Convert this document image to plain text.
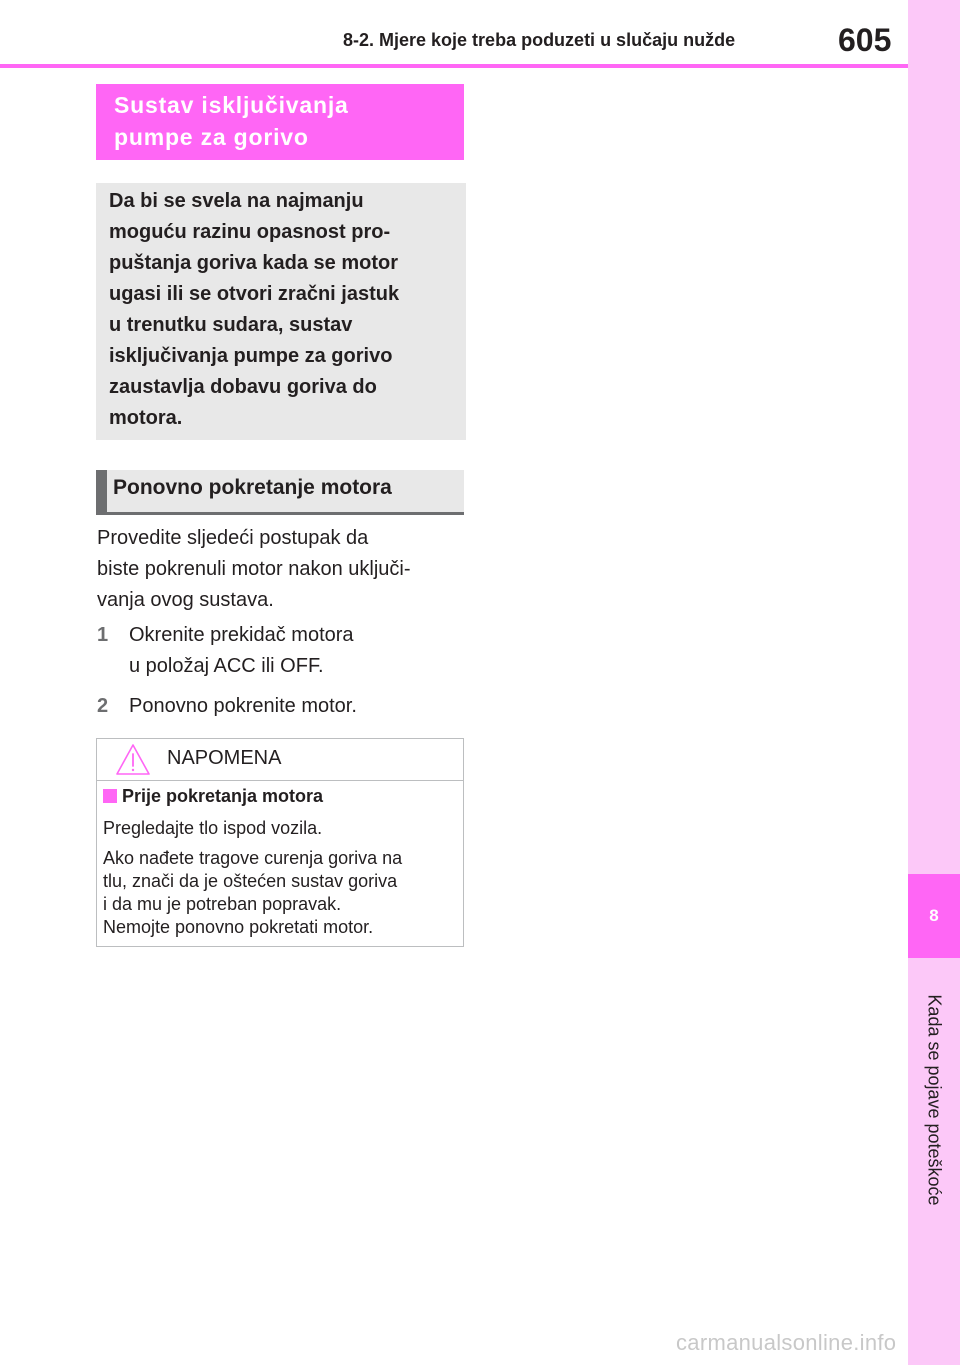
8
Kada se pojave poteškoće
8-2. Mjere koje treba poduzeti u slučaju nužde	605
Sustav isključivanja
pumpe za gorivo
Da bi se svela na najmanju
moguću razinu opasnost pro-
puštanja goriva kada se motor
ugasi ili se otvori zračni jastuk
u trenutku sudara, sustav
isključivanja pumpe za gorivo
zaustavlja dobavu goriva do
motora.
Ponovno pokretanje motora
Provedite sljedeći postupak da
biste pokrenuli motor nakon uključi-
vanja ovog sustava.
1 Okrenite prekidač motora
u položaj ACC ili OFF.
2 Ponovno pokrenite motor.
NAPOMENA
Prije pokretanja motora
Pregledajte tlo ispod vozila.
Ako nađete tragove curenja goriva na
tlu, znači da je oštećen sustav goriva
i da mu je potreban popravak.
Nemojte ponovno pokretati motor.
carmanualsonline.info
